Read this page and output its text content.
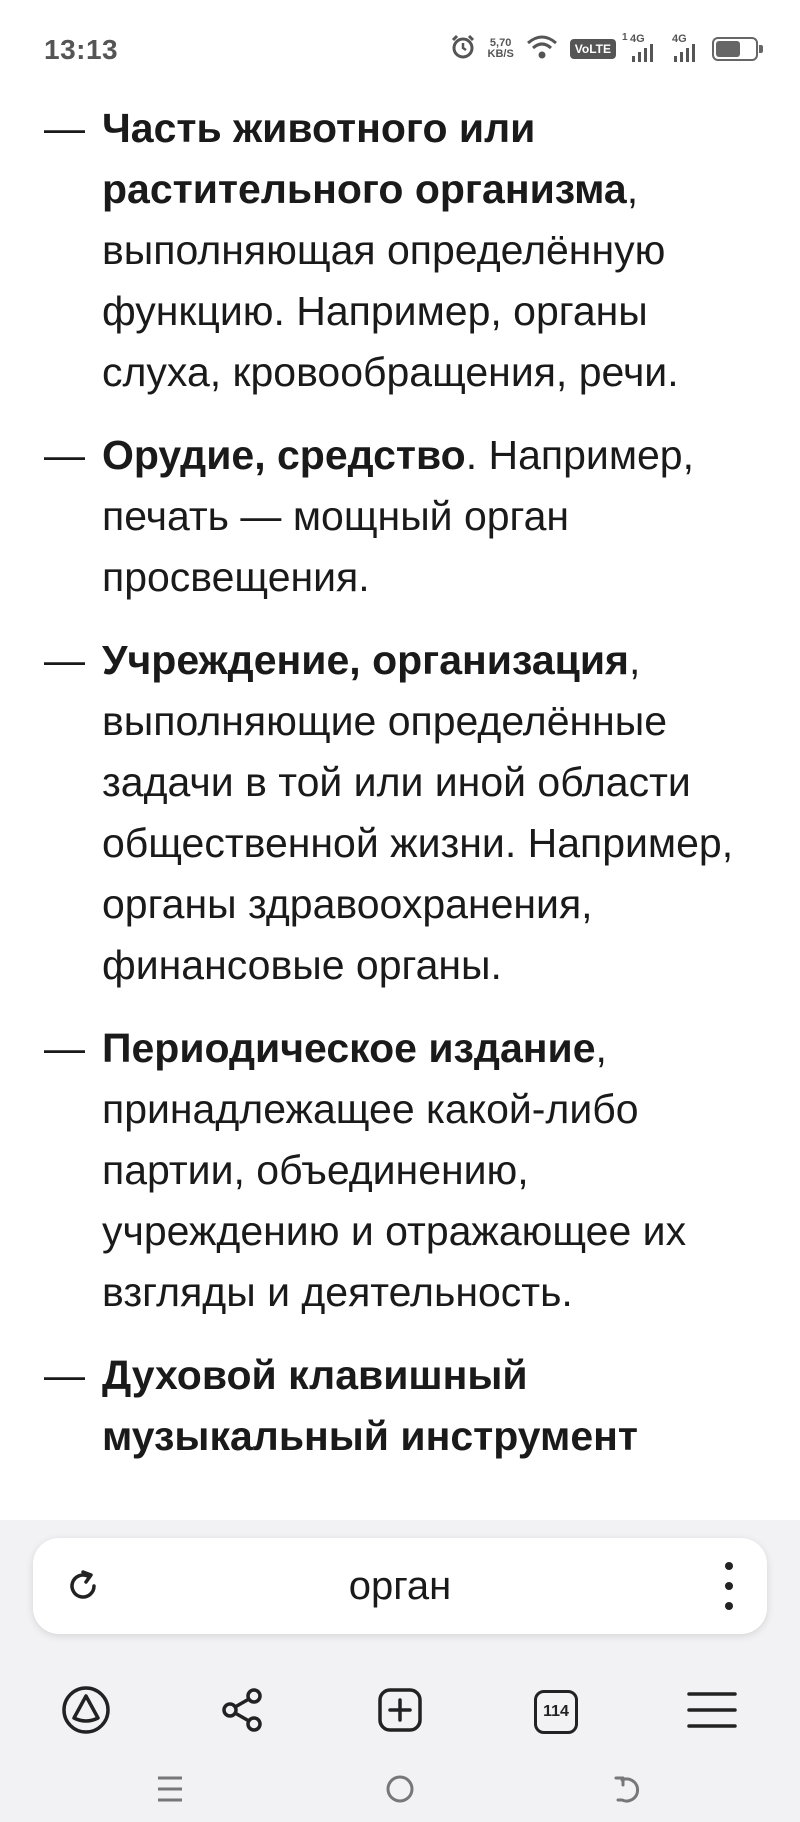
13:13	5,70
KB/S	VoLTE
1 4G 4G
— Часть животного или растительного организма, выполняющая определённую функцию. Например, органы слуха, кровообращения, речи.
— Орудие, средство. Например, печать — мощный орган просвещения.
— Учреждение, организация, выполняющие определённые задачи в той или иной области общественной жизни. Например, органы здравоохранения, финансовые органы.
— Периодическое издание, принадлежащее какой-либо партии, объединению, учреждению и отражающее их взгляды и деятельность.
— Духовой клавишный музыкальный инструмент
орган
114
